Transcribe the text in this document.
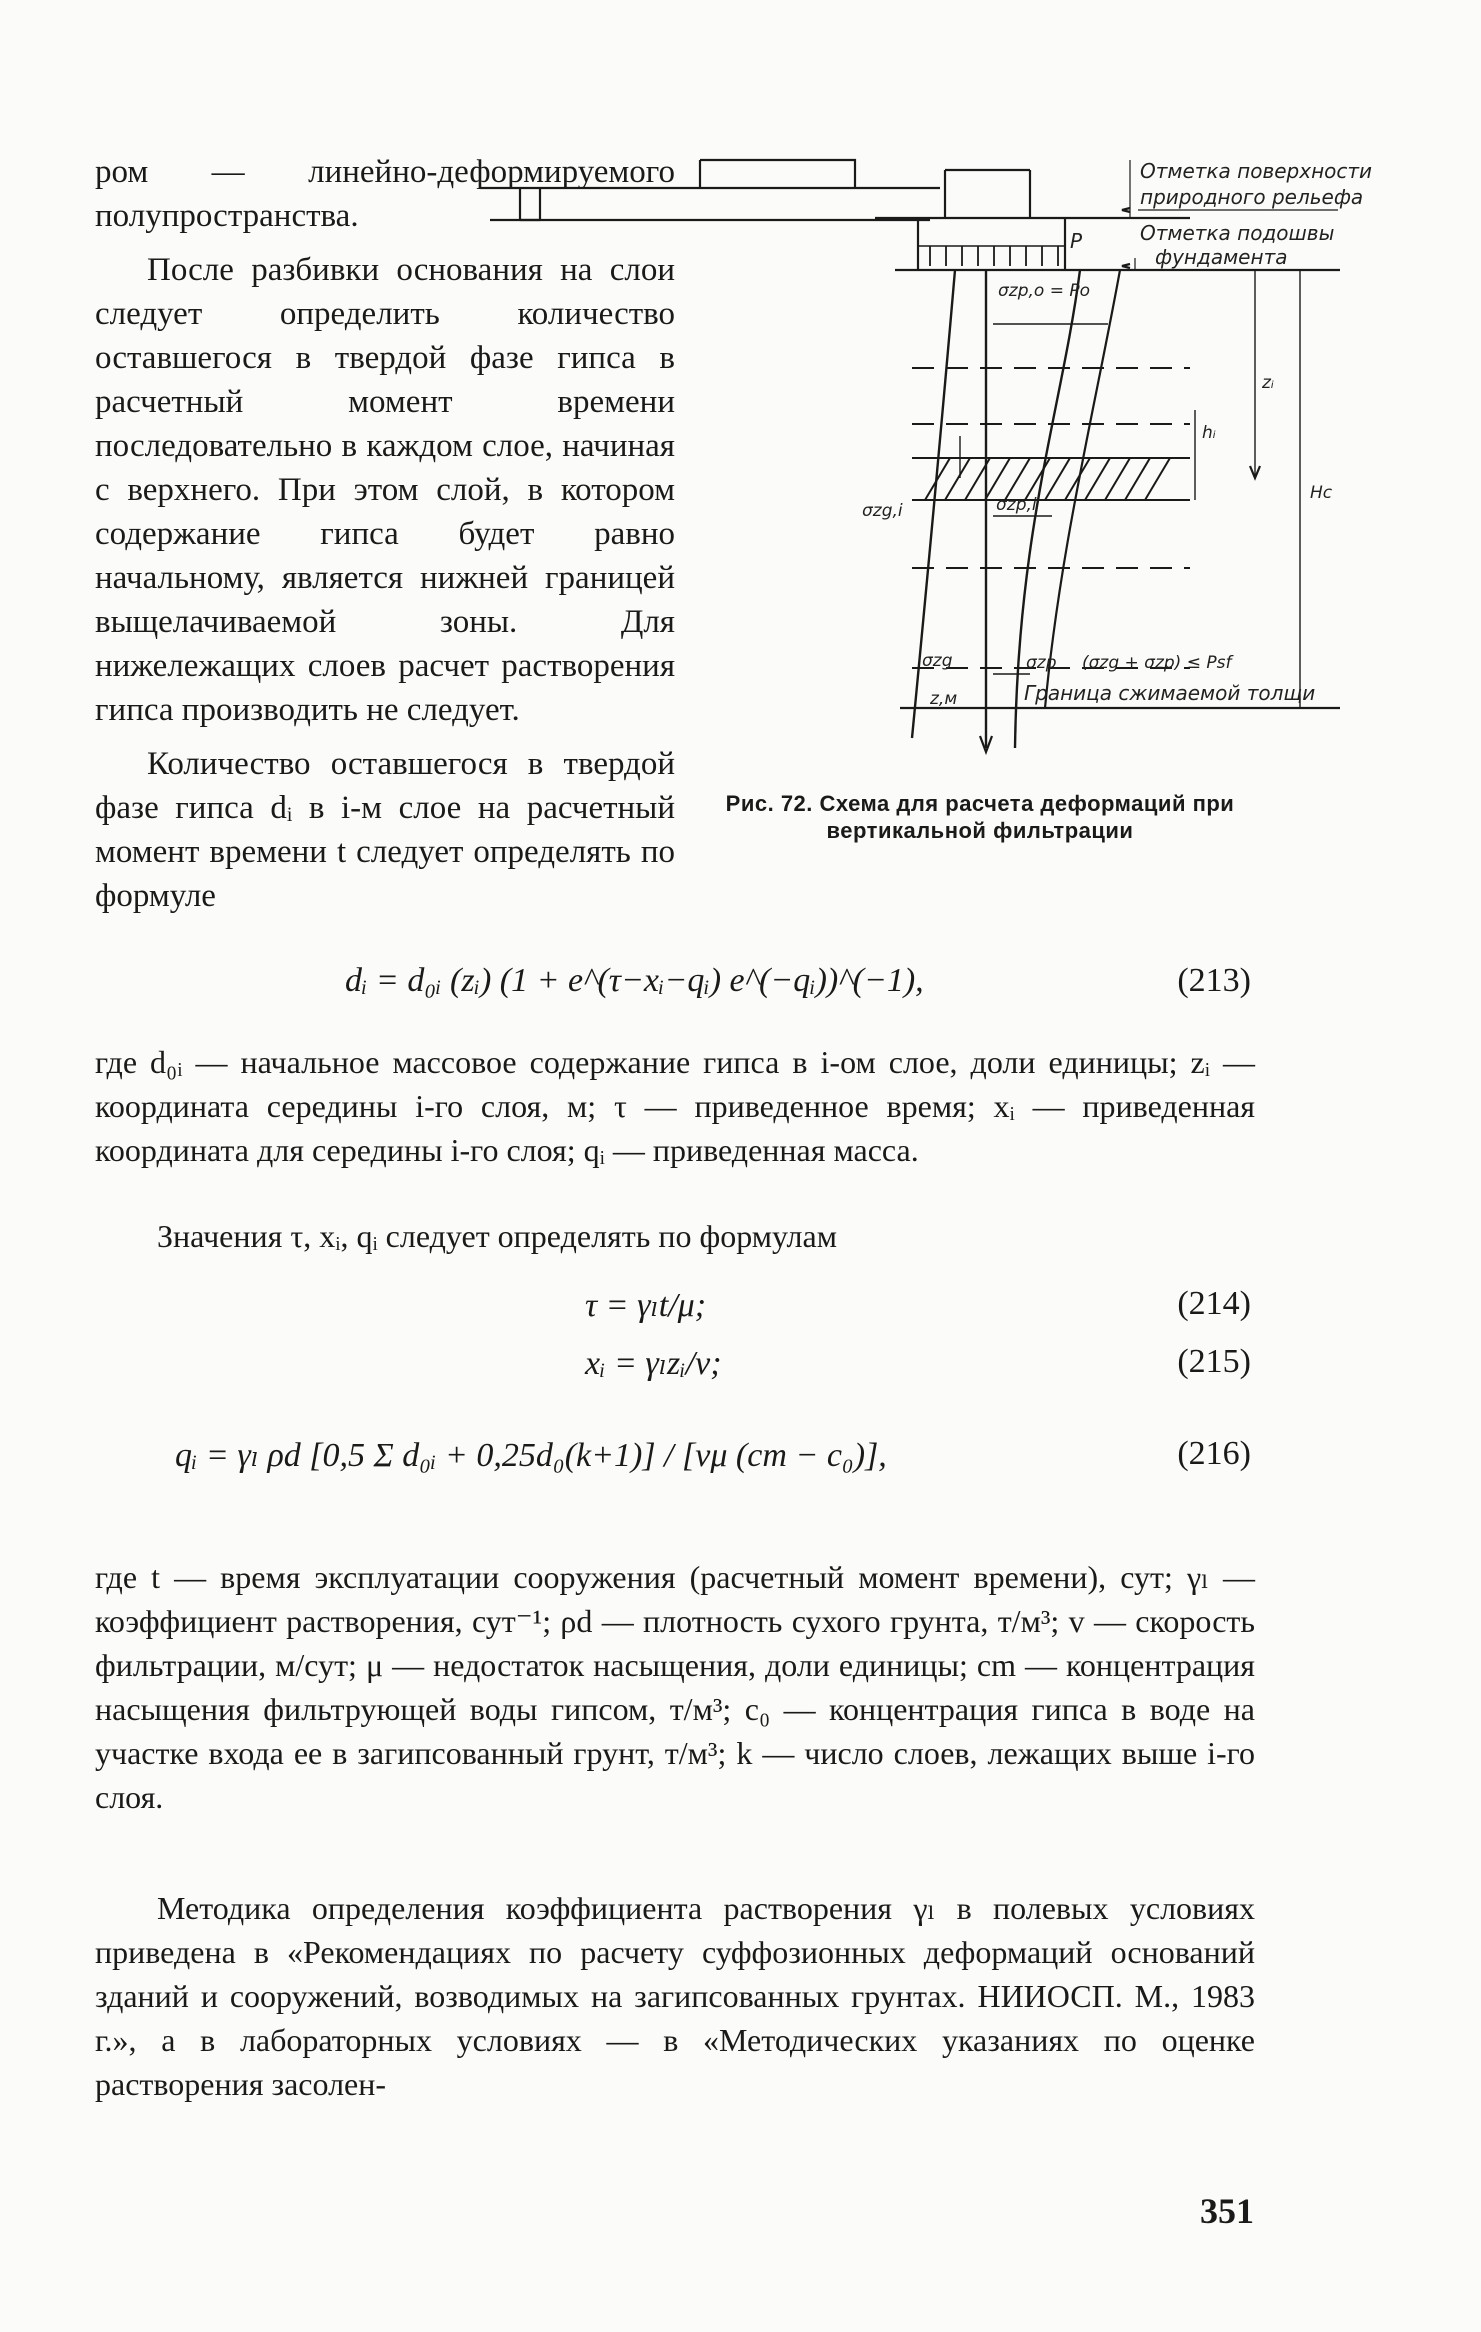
ром — линейно-деформируемого полупространства.

После разбивки основания на слои следует определить количество оставшегося в твердой фазе гипса в расчетный момент времени последовательно в каждом слое, начиная с верхнего. При этом слой, в котором содержание гипса будет равно начальному, является нижней границей выщелачиваемой зоны. Для нижележащих слоев расчет растворения гипса производить не следует.

Количество оставшегося в твердой фазе гипса dᵢ в i-м слое на расчетный момент времени t следует определять по формуле

Отметка поверхности
природного рельефа
Отметка подошвы
фундамента
P
σzp,o = Po
hᵢ
zᵢ
σzg,i	σzp,i
Hc
σzg	σzp (σzg + σzp) ≤ Psf
z,м	Граница сжимаемой толщи
Рис. 72. Схема для расчета деформаций при вертикальной фильтрации
dᵢ = d₀ᵢ (zᵢ) (1 + e^(τ−xᵢ−qᵢ) e^(−qᵢ))^(−1),	(213)

где d₀ᵢ — начальное массовое содержание гипса в i-ом слое, доли единицы; zᵢ — координата середины i-го слоя, м; τ — приведенное время; xᵢ — приведенная координата для середины i-го слоя; qᵢ — приведенная масса.

Значения τ, xᵢ, qᵢ следует определять по формулам

τ = γₗt/μ;	(214)
xᵢ = γₗzᵢ/v;	(215)
qᵢ = γₗ ρd [0,5 Σ d₀ᵢ + 0,25d₀(k+1)] / [vμ (cm − c₀)],	(216)

где t — время эксплуатации сооружения (расчетный момент времени), сут; γₗ — коэффициент растворения, сут⁻¹; ρd — плотность сухого грунта, т/м³; v — скорость фильтрации, м/сут; μ — недостаток насыщения, доли единицы; cm — концентрация насыщения фильтрующей воды гипсом, т/м³; c₀ — концентрация гипса в воде на участке входа ее в загипсованный грунт, т/м³; k — число слоев, лежащих выше i-го слоя.

Методика определения коэффициента растворения γₗ в полевых условиях приведена в «Рекомендациях по расчету суффозионных деформаций оснований зданий и сооружений, возводимых на загипсованных грунтах. НИИОСП. М., 1983 г.», а в лабораторных условиях — в «Методических указаниях по оценке растворения засолен-

351
